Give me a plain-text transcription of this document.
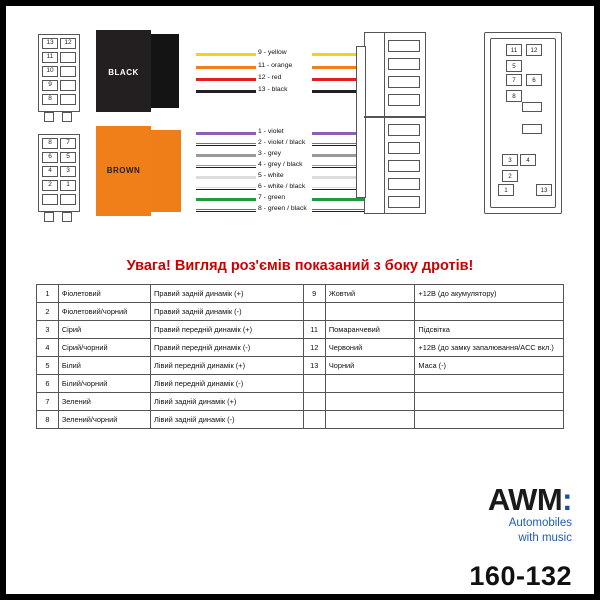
13	12
11
10
9
8
BLACK
9 - yellow
11 - orange
12 - red
13 - black
8	7
6	5
4	3
2	1
BROWN
1 - violet
2 - violet / black
3 - grey
4 - grey / black
5 - white
6 - white / black
7 - green
8 - green / black
11	12
5
6
7
8
3	4
2
13
1
Увага! Вигляд роз'ємів показаний з боку дротів!
1	Фіолетовий	Правий задній динамік (+)	9	Жовтий	+12В (до акумулятору)
2	Фіолетовий/чорний	Правий задній динамік (-)			
3	Сірий	Правий передній динамік (+)	11	Помаранчевий	Підсвітка
4	Сірий/чорний	Правий передній динамік (-)	12	Червоний	+12В (до замку запалювання/ACC вкл.)
5	Білий	Лівий передній динамік (+)	13	Чорний	Маса (-)
6	Білий/чорний	Лівий передній динамік (-)			
7	Зелений	Лівий задній динамік (+)			
8	Зелений/чорний	Лівий задній динамік (-)			
AWM:
Automobiles
with music
160-132
